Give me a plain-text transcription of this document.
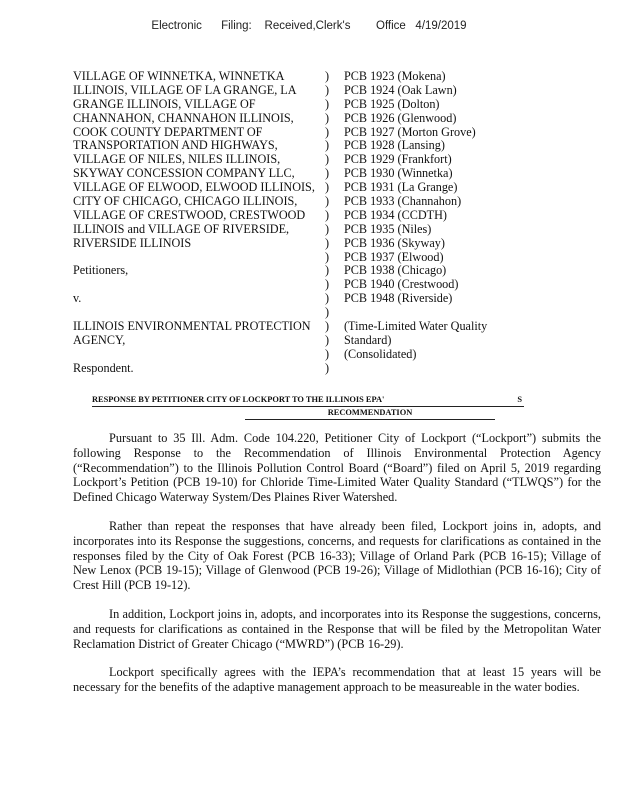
Electronic      Filing:    Received,Clerk's        Office   4/19/2019
VILLAGE OF WINNETKA, WINNETKA	)	PCB 1923 (Mokena)
ILLINOIS, VILLAGE OF LA GRANGE, LA	)	PCB 1924 (Oak Lawn)
GRANGE ILLINOIS, VILLAGE OF	)	PCB 1925 (Dolton)
CHANNAHON, CHANNAHON ILLINOIS,	)	PCB 1926 (Glenwood)
COOK COUNTY DEPARTMENT OF	)	PCB 1927 (Morton Grove)
TRANSPORTATION AND HIGHWAYS,	)	PCB 1928 (Lansing)
VILLAGE OF NILES, NILES ILLINOIS,	)	PCB 1929 (Frankfort)
SKYWAY CONCESSION COMPANY LLC,	)	PCB 1930 (Winnetka)
VILLAGE OF ELWOOD, ELWOOD ILLINOIS, )	PCB 1931 (La Grange)
CITY OF CHICAGO, CHICAGO ILLINOIS,	)	PCB 1933 (Channahon)
VILLAGE OF CRESTWOOD, CRESTWOOD	)	PCB 1934 (CCDTH)
ILLINOIS and VILLAGE OF RIVERSIDE,	)	PCB 1935 (Niles)
RIVERSIDE ILLINOIS	)	PCB 1936 (Skyway)
)	PCB 1937 (Elwood)
Petitioners,	)	PCB 1938 (Chicago)
)	PCB 1940 (Crestwood)
v.	)	PCB 1948 (Riverside)
)
ILLINOIS ENVIRONMENTAL PROTECTION	)	(Time-Limited Water Quality
AGENCY,	)	Standard)
)	(Consolidated)
Respondent.	)
RESPONSE BY PETITIONER CITY OF LOCKPORT TO THE ILLINOIS EPA'	S
RECOMMENDATION

Pursuant to 35 Ill. Adm. Code 104.220, Petitioner City of Lockport (“Lockport”) submits the following Response to the Recommendation of Illinois Environmental Protection Agency (“Recommendation”) to the Illinois Pollution Control Board (“Board”) filed on April 5, 2019 regarding Lockport’s Petition (PCB 19-10) for Chloride Time-Limited Water Quality Standard (“TLWQS”) for the Defined Chicago Waterway System/Des Plaines River Watershed.

Rather than repeat the responses that have already been filed, Lockport joins in, adopts, and incorporates into its Response the suggestions, concerns, and requests for clarifications as contained in the responses filed by the City of Oak Forest (PCB 16-33); Village of Orland Park (PCB 16-15); Village of New Lenox (PCB 19-15); Village of Glenwood (PCB 19-26); Village of Midlothian (PCB 16-16); City of Crest Hill (PCB 19-12).

In addition, Lockport joins in, adopts, and incorporates into its Response the suggestions, concerns, and requests for clarifications as contained in the Response that will be filed by the Metropolitan Water Reclamation District of Greater Chicago (“MWRD”) (PCB 16-29).

Lockport specifically agrees with the IEPA’s recommendation that at least 15 years will be necessary for the benefits of the adaptive management approach to be measureable in the water bodies.
